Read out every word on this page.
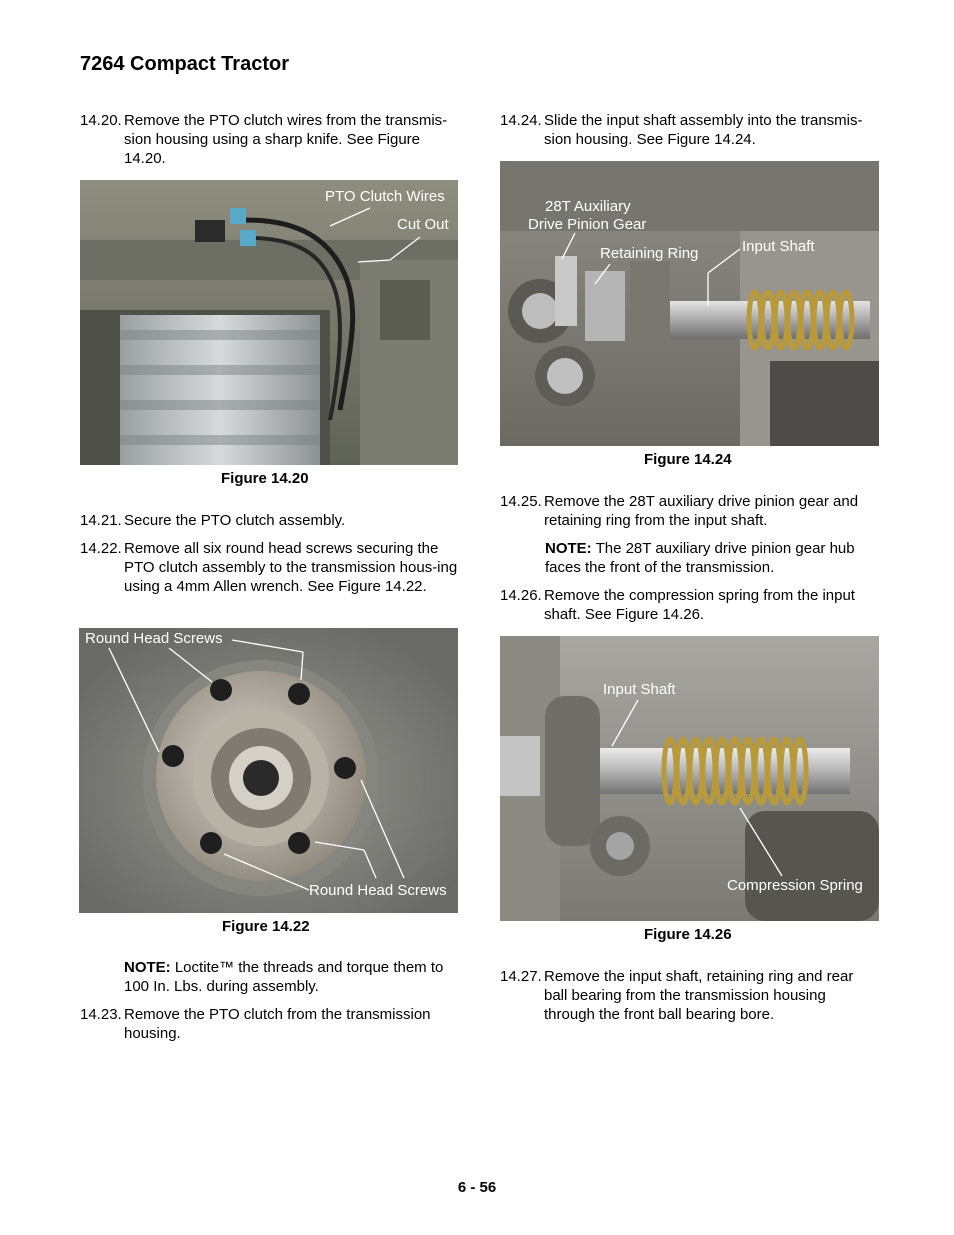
7264 Compact Tractor
14.20. Remove the PTO clutch wires from the transmis-sion housing using a sharp knife. See Figure 14.20.
PTO Clutch Wires
Cut Out
Figure 14.20
14.21. Secure the PTO clutch assembly.
14.22. Remove all six round head screws securing the PTO clutch assembly to the transmission hous-ing using a 4mm Allen wrench. See Figure 14.22.
Round Head Screws
Round Head Screws
Figure 14.22
NOTE: Loctite™ the threads and torque them to 100 In. Lbs. during assembly.
14.23. Remove the PTO clutch from the transmission housing.
14.24. Slide the input shaft assembly into the transmis-sion housing. See Figure 14.24.
28T Auxiliary
Drive Pinion Gear
Retaining Ring	Input Shaft
Figure 14.24
14.25. Remove the 28T auxiliary drive pinion gear and retaining ring from the input shaft.
NOTE: The 28T auxiliary drive pinion gear hub faces the front of the transmission.
14.26. Remove the compression spring from the input shaft. See Figure 14.26.
Input Shaft
Compression Spring
Figure 14.26
14.27. Remove the input shaft, retaining ring and rear ball bearing from the transmission housing through the front ball bearing bore.
6 - 56
